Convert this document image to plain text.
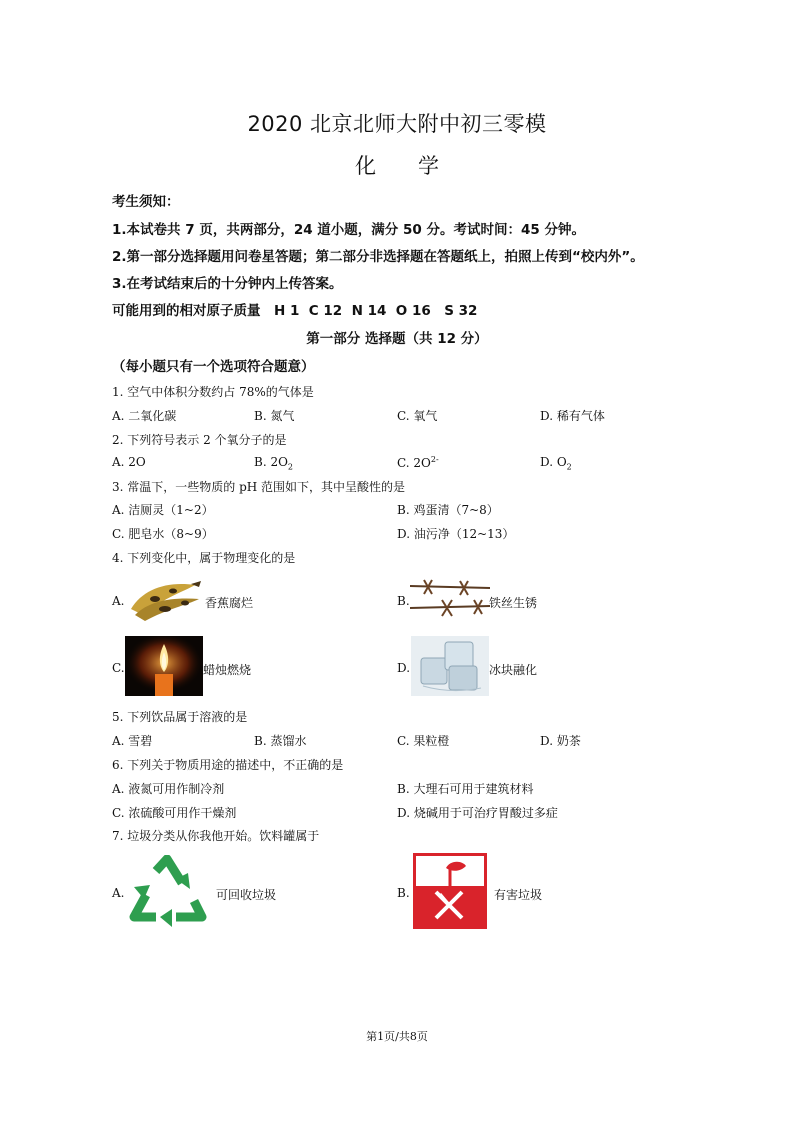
2020 北京北师大附中初三零模
化　　学
考生须知：
1.本试卷共 7 页，共两部分，24 道小题，满分 50 分。考试时间：45 分钟。
2.第一部分选择题用问卷星答题；第二部分非选择题在答题纸上，拍照上传到“校内外”。
3.在考试结束后的十分钟内上传答案。
可能用到的相对原子质量　H 1  C 12  N 14  O 16　S 32
第一部分 选择题（共 12 分）
（每小题只有一个选项符合题意）
1. 空气中体积分数约占 78%的气体是
A. 二氧化碳	B. 氮气	C. 氧气	D. 稀有气体
2. 下列符号表示 2 个氧分子的是
A. 2O	B. $2O_2$	C. $2O^{2-}$	D. $O_2$
3. 常温下，一些物质的 pH 范围如下，其中呈酸性的是
A. 洁厕灵（1~2）	B. 鸡蛋清（7~8）
C. 肥皂水（8~9）	D. 油污净（12~13）
4. 下列变化中，属于物理变化的是
A.	香蕉腐烂	B.	铁丝生锈
C.	蜡烛燃烧	D.	冰块融化
5. 下列饮品属于溶液的是
A. 雪碧	B. 蒸馏水	C. 果粒橙	D. 奶茶
6. 下列关于物质用途的描述中，不正确的是
A. 液氮可用作制冷剂	B. 大理石可用于建筑材料
C. 浓硫酸可用作干燥剂	D. 烧碱用于可治疗胃酸过多症
7. 垃圾分类从你我他开始。饮料罐属于
A.	可回收垃圾	B.	有害垃圾
第1页/共8页
